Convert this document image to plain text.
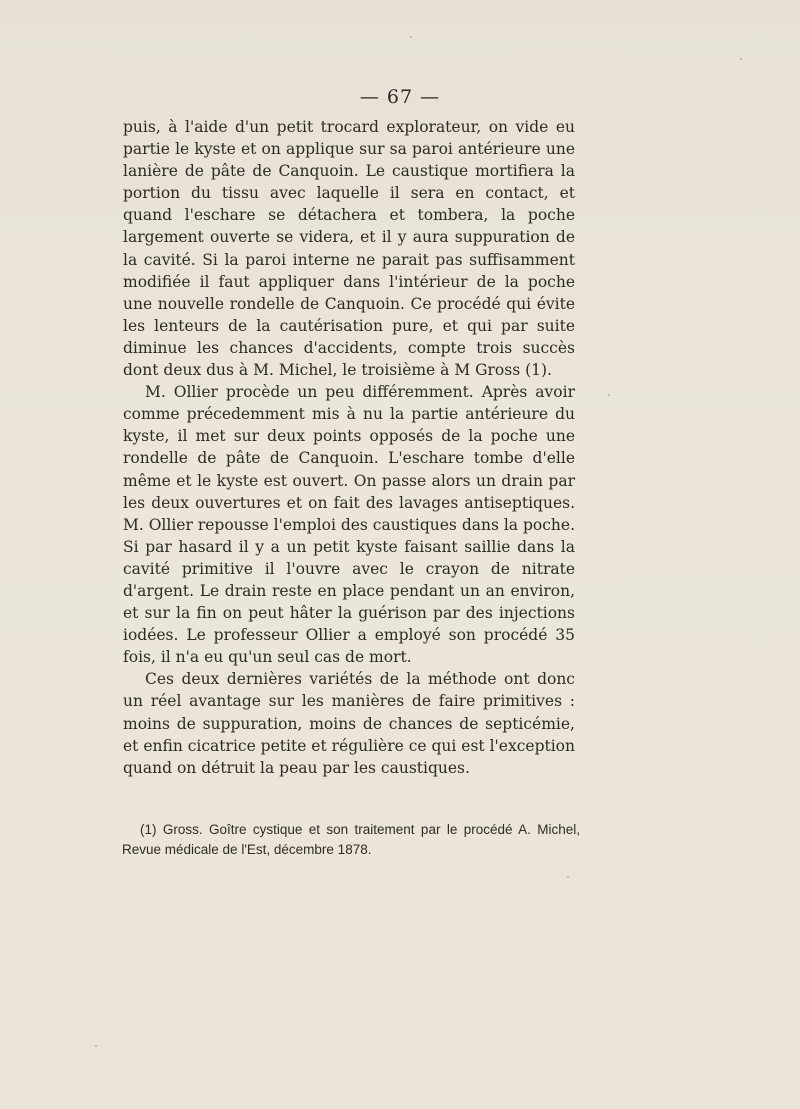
— 67 —

puis, à l'aide d'un petit trocard explorateur, on vide eu partie le kyste et on applique sur sa paroi antérieure une lanière de pâte de Canquoin. Le caustique mortifiera la portion du tissu avec laquelle il sera en contact, et quand l'eschare se détachera et tombera, la poche largement ouverte se videra, et il y aura suppuration de la cavité. Si la paroi interne ne parait pas suffisamment modifiée il faut appliquer dans l'intérieur de la poche une nouvelle rondelle de Canquoin. Ce procédé qui évite les lenteurs de la cautérisation pure, et qui par suite diminue les chances d'accidents, compte trois succès dont deux dus à M. Michel, le troisième à M Gross (1).

M. Ollier procède un peu différemment. Après avoir comme précedemment mis à nu la partie antérieure du kyste, il met sur deux points opposés de la poche une rondelle de pâte de Canquoin. L'eschare tombe d'elle même et le kyste est ouvert. On passe alors un drain par les deux ouvertures et on fait des lavages antiseptiques. M. Ollier repousse l'emploi des caustiques dans la poche. Si par hasard il y a un petit kyste faisant saillie dans la cavité primitive il l'ouvre avec le crayon de nitrate d'argent. Le drain reste en place pendant un an environ, et sur la fin on peut hâter la guérison par des injections iodées. Le professeur Ollier a employé son procédé 35 fois, il n'a eu qu'un seul cas de mort.

Ces deux dernières variétés de la méthode ont donc un réel avantage sur les manières de faire primitives : moins de suppuration, moins de chances de septicémie, et enfin cicatrice petite et régulière ce qui est l'exception quand on détruit la peau par les caustiques.

(1) Gross. Goître cystique et son traitement par le procédé A. Michel, Revue médicale de l'Est, décembre 1878.
